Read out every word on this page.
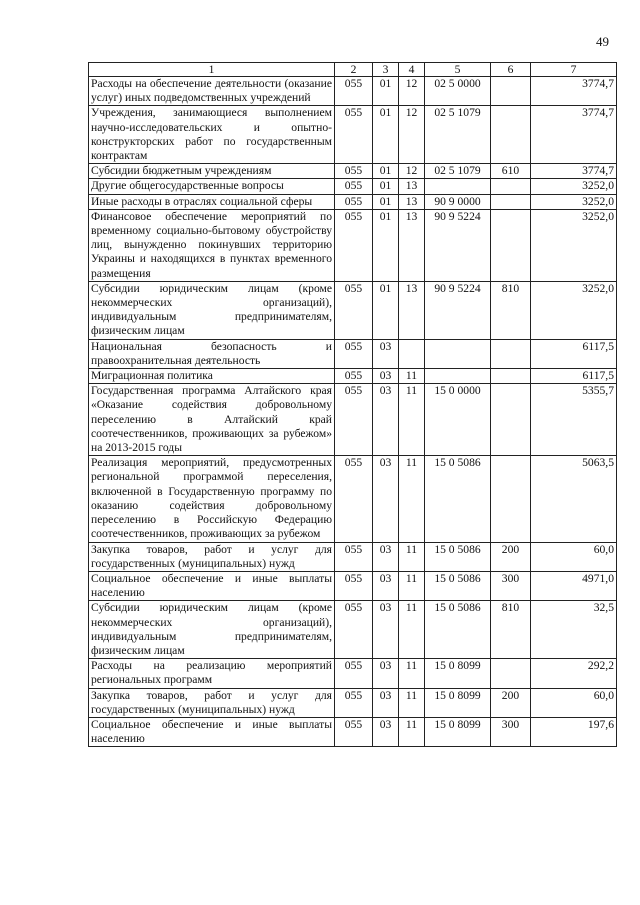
49
1	2	3	4	5	6	7
Расходы на обеспечение деятельности (оказание услуг) иных подведомственных учреждений	055	01	12	02 5 0000		3774,7
Учреждения, занимающиеся выполнением научно-исследовательских и опытно-конструкторских работ по государственным контрактам	055	01	12	02 5 1079		3774,7
Субсидии бюджетным учреждениям	055	01	12	02 5 1079	610	3774,7
Другие общегосударственные вопросы	055	01	13			3252,0
Иные расходы в отраслях социальной сферы	055	01	13	90 9 0000		3252,0
Финансовое обеспечение мероприятий по временному социально-бытовому обустройству лиц, вынужденно покинувших территорию Украины и находящихся в пунктах временного размещения	055	01	13	90 9 5224		3252,0
Субсидии юридическим лицам (кроме некоммерческих организаций), индивидуальным предпринимателям, физическим лицам	055	01	13	90 9 5224	810	3252,0
Национальная безопасность и правоохранительная деятельность	055	03				6117,5
Миграционная политика	055	03	11			6117,5
Государственная программа Алтайского края «Оказание содействия добровольному переселению в Алтайский край соотечественников, проживающих за рубежом» на 2013-2015 годы	055	03	11	15 0 0000		5355,7
Реализация мероприятий, предусмотренных региональной программой переселения, включенной в Государственную программу по оказанию содействия добровольному переселению в Российскую Федерацию соотечественников, проживающих за рубежом	055	03	11	15 0 5086		5063,5
Закупка товаров, работ и услуг для государственных (муниципальных) нужд	055	03	11	15 0 5086	200	60,0
Социальное обеспечение и иные выплаты населению	055	03	11	15 0 5086	300	4971,0
Субсидии юридическим лицам (кроме некоммерческих организаций), индивидуальным предпринимателям, физическим лицам	055	03	11	15 0 5086	810	32,5
Расходы на реализацию мероприятий региональных программ	055	03	11	15 0 8099		292,2
Закупка товаров, работ и услуг для государственных (муниципальных) нужд	055	03	11	15 0 8099	200	60,0
Социальное обеспечение и иные выплаты населению	055	03	11	15 0 8099	300	197,6
